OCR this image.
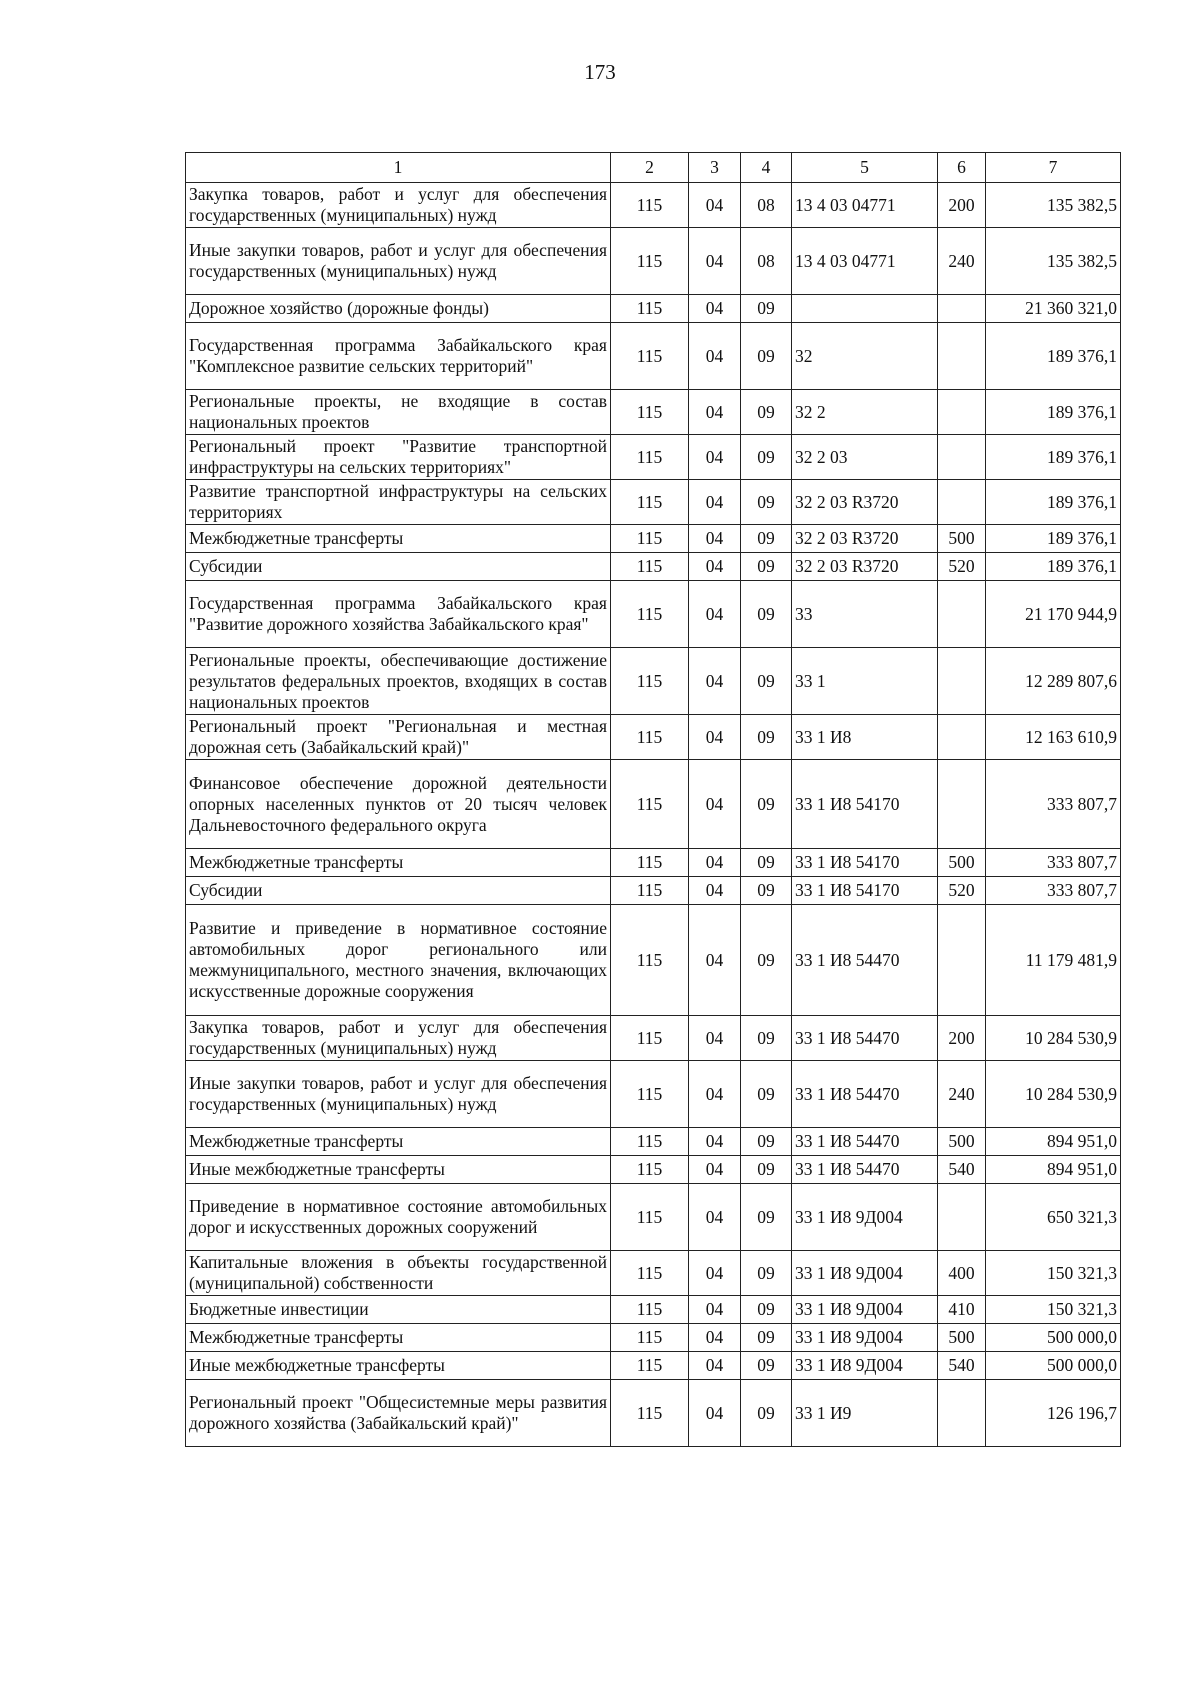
173
1	2	3	4	5	6	7
Закупка товаров, работ и услуг для обеспечения государственных (муниципальных) нужд	115	04	08	13 4 03 04771	200	135 382,5
Иные закупки товаров, работ и услуг для обеспечения государственных (муниципальных) нужд	115	04	08	13 4 03 04771	240	135 382,5
Дорожное хозяйство (дорожные фонды)	115	04	09			21 360 321,0
Государственная программа Забайкальского края "Комплексное развитие сельских территорий"	115	04	09	32		189 376,1
Региональные проекты, не входящие в состав национальных проектов	115	04	09	32 2		189 376,1
Региональный проект "Развитие транспортной инфраструктуры на сельских территориях"	115	04	09	32 2 03		189 376,1
Развитие транспортной инфраструктуры на сельских территориях	115	04	09	32 2 03 R3720		189 376,1
Межбюджетные трансферты	115	04	09	32 2 03 R3720	500	189 376,1
Субсидии	115	04	09	32 2 03 R3720	520	189 376,1
Государственная программа Забайкальского края "Развитие дорожного хозяйства Забайкальского края"	115	04	09	33		21 170 944,9
Региональные проекты, обеспечивающие достижение результатов федеральных проектов, входящих в состав национальных проектов	115	04	09	33 1		12 289 807,6
Региональный проект "Региональная и местная дорожная сеть (Забайкальский край)"	115	04	09	33 1 И8		12 163 610,9
Финансовое обеспечение дорожной деятельности опорных населенных пунктов от 20 тысяч человек Дальневосточного федерального округа	115	04	09	33 1 И8 54170		333 807,7
Межбюджетные трансферты	115	04	09	33 1 И8 54170	500	333 807,7
Субсидии	115	04	09	33 1 И8 54170	520	333 807,7
Развитие и приведение в нормативное состояние автомобильных дорог регионального или межмуниципального, местного значения, включающих искусственные дорожные сооружения	115	04	09	33 1 И8 54470		11 179 481,9
Закупка товаров, работ и услуг для обеспечения государственных (муниципальных) нужд	115	04	09	33 1 И8 54470	200	10 284 530,9
Иные закупки товаров, работ и услуг для обеспечения государственных (муниципальных) нужд	115	04	09	33 1 И8 54470	240	10 284 530,9
Межбюджетные трансферты	115	04	09	33 1 И8 54470	500	894 951,0
Иные межбюджетные трансферты	115	04	09	33 1 И8 54470	540	894 951,0
Приведение в нормативное состояние автомобильных дорог и искусственных дорожных сооружений	115	04	09	33 1 И8 9Д004		650 321,3
Капитальные вложения в объекты государственной (муниципальной) собственности	115	04	09	33 1 И8 9Д004	400	150 321,3
Бюджетные инвестиции	115	04	09	33 1 И8 9Д004	410	150 321,3
Межбюджетные трансферты	115	04	09	33 1 И8 9Д004	500	500 000,0
Иные межбюджетные трансферты	115	04	09	33 1 И8 9Д004	540	500 000,0
Региональный проект "Общесистемные меры развития дорожного хозяйства (Забайкальский край)"	115	04	09	33 1 И9		126 196,7
